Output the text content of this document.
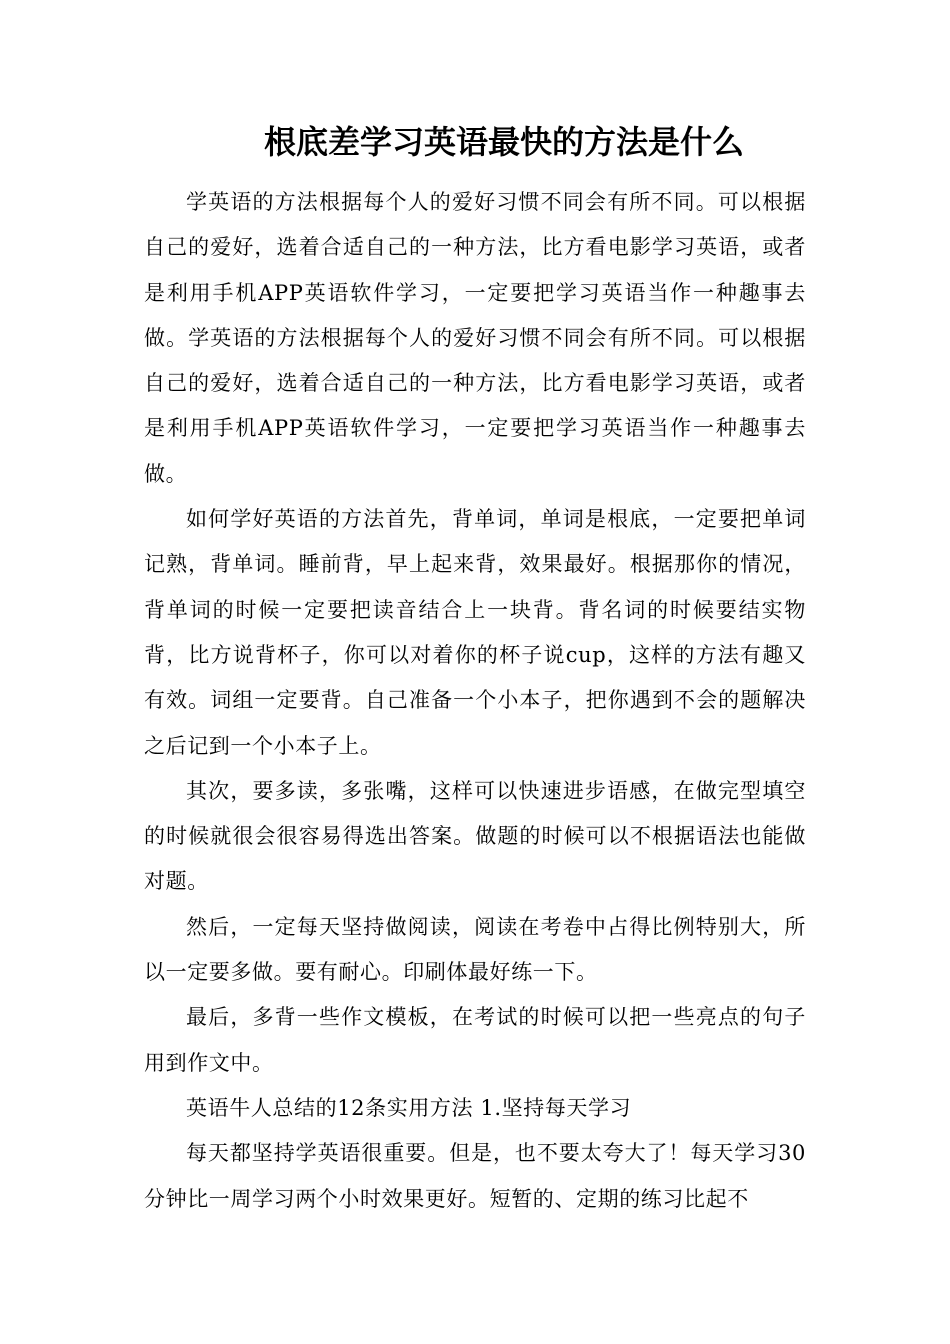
根底差学习英语最快的方法是什么

学英语的方法根据每个人的爱好习惯不同会有所不同。可以根据自己的爱好，选着合适自己的一种方法，比方看电影学习英语，或者是利用手机APP英语软件学习，一定要把学习英语当作一种趣事去做。学英语的方法根据每个人的爱好习惯不同会有所不同。可以根据自己的爱好，选着合适自己的一种方法，比方看电影学习英语，或者是利用手机APP英语软件学习，一定要把学习英语当作一种趣事去做。

如何学好英语的方法首先，背单词，单词是根底，一定要把单词记熟，背单词。睡前背，早上起来背，效果最好。根据那你的情况，背单词的时候一定要把读音结合上一块背。背名词的时候要结实物背，比方说背杯子，你可以对着你的杯子说cup，这样的方法有趣又有效。词组一定要背。自己准备一个小本子，把你遇到不会的题解决之后记到一个小本子上。

其次，要多读，多张嘴，这样可以快速进步语感，在做完型填空的时候就很会很容易得选出答案。做题的时候可以不根据语法也能做对题。

然后，一定每天坚持做阅读，阅读在考卷中占得比例特别大，所以一定要多做。要有耐心。印刷体最好练一下。

最后，多背一些作文模板，在考试的时候可以把一些亮点的句子用到作文中。

英语牛人总结的12条实用方法 1.坚持每天学习

每天都坚持学英语很重要。但是，也不要太夸大了！每天学习30分钟比一周学习两个小时效果更好。短暂的、定期的练习比起不
